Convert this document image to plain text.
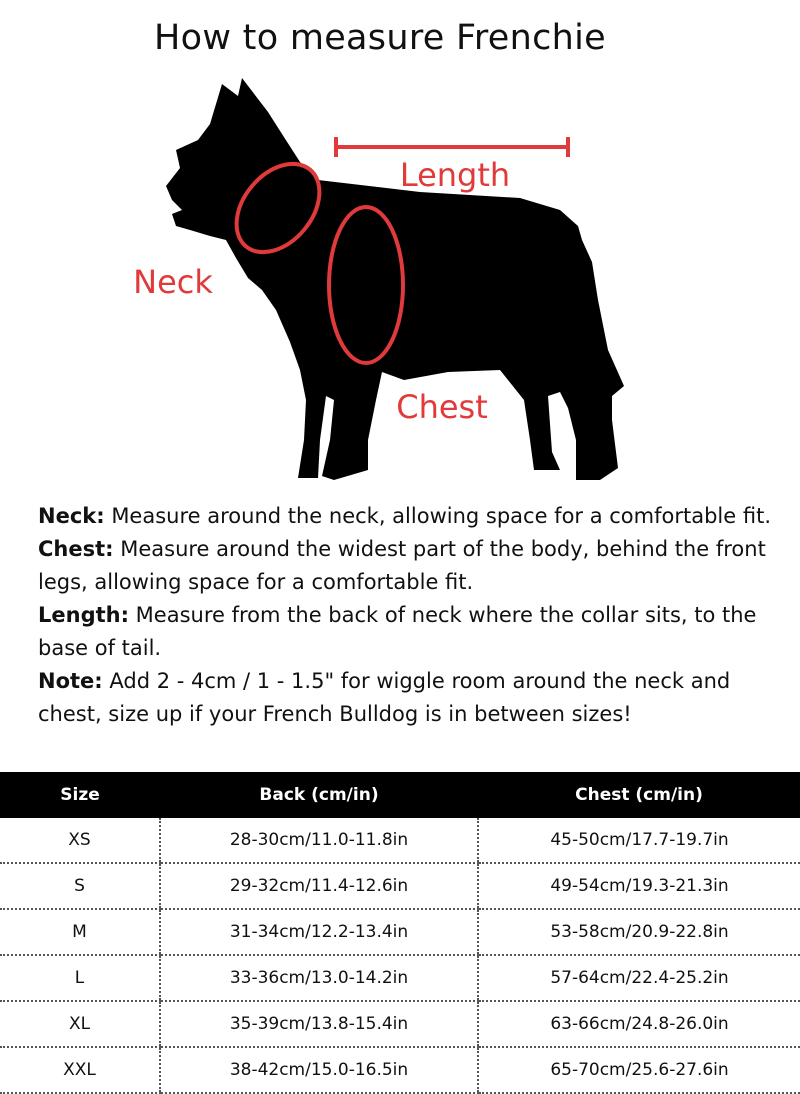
How to measure Frenchie
Length
Neck
Chest

Neck: Measure around the neck, allowing space for a comfortable fit.

Chest: Measure around the widest part of the body, behind the front legs, allowing space for a comfortable fit.

Length: Measure from the back of neck where the collar sits, to the base of tail.

Note: Add 2 - 4cm / 1 - 1.5" for wiggle room around the neck and chest, size up if your French Bulldog is in between sizes!

Size	Back (cm/in)	Chest (cm/in)
XS	28-30cm/11.0-11.8in	45-50cm/17.7-19.7in
S	29-32cm/11.4-12.6in	49-54cm/19.3-21.3in
M	31-34cm/12.2-13.4in	53-58cm/20.9-22.8in
L	33-36cm/13.0-14.2in	57-64cm/22.4-25.2in
XL	35-39cm/13.8-15.4in	63-66cm/24.8-26.0in
XXL	38-42cm/15.0-16.5in	65-70cm/25.6-27.6in
